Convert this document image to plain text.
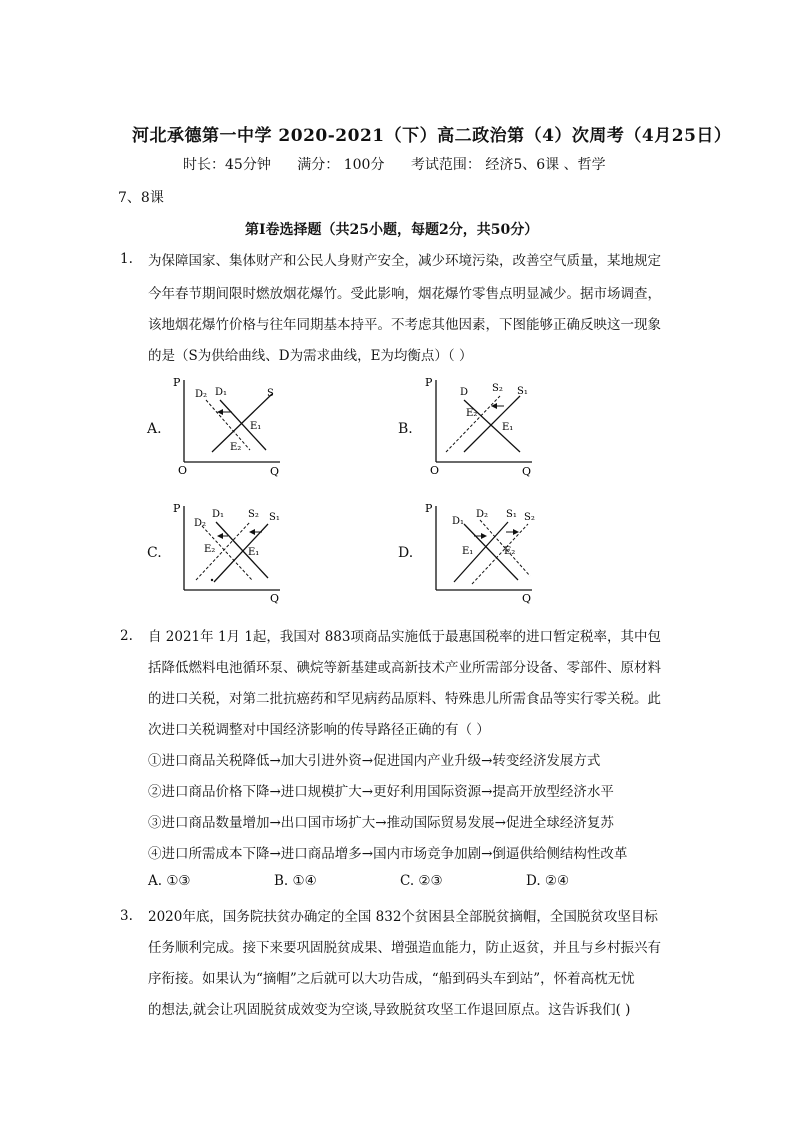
河北承德第一中学 2020-2021（下）高二政治第（4）次周考（4月25日）
时长：45分钟 满分： 100分 考试范围： 经济5、6课 、哲学
7、8课
第Ⅰ卷选择题（共25小题，每题2分，共50分）
1. 为保障国家、集体财产和公民人身财产安全，减少环境污染，改善空气质量，某地规定
今年春节期间限时燃放烟花爆竹。受此影响，烟花爆竹零售点明显减少。据市场调查，
该地烟花爆竹价格与往年同期基本持平。不考虑其他因素，下图能够正确反映这一现象
的是（S为供给曲线、D为需求曲线，E为均衡点）（ ）
A.	B.
C.	D.
P
O	Q
D₂ D₁	S
E₁
E₂
P
O	Q
D S₂ S₁
E₂
E₁
P
Q
D₁
D₂
S₂ S₁
E₂	E₁
P
Q
D₁
D₂ S₁ S₂
E₁	E₂
2. 自 2021年 1月 1起，我国对 883项商品实施低于最惠国税率的进口暂定税率，其中包
括降低燃料电池循环泵、碘烷等新基建或高新技术产业所需部分设备、零部件、原材料
的进口关税，对第二批抗癌药和罕见病药品原料、特殊患儿所需食品等实行零关税。此
次进口关税调整对中国经济影响的传导路径正确的有（ ）
①进口商品关税降低→加大引进外资→促进国内产业升级→转变经济发展方式
②进口商品价格下降→进口规模扩大→更好利用国际资源→提高开放型经济水平
③进口商品数量增加→出口国市场扩大→推动国际贸易发展→促进全球经济复苏
④进口所需成本下降→进口商品增多→国内市场竞争加剧→倒逼供给侧结构性改革
A. ①③	B. ①④	C. ②③	D. ②④
3. 2020年底，国务院扶贫办确定的全国 832个贫困县全部脱贫摘帽，全国脱贫攻坚目标
任务顺利完成。接下来要巩固脱贫成果、增强造血能力，防止返贫，并且与乡村振兴有
序衔接。如果认为“摘帽”之后就可以大功告成，“船到码头车到站”，怀着高枕无忧
的想法,就会让巩固脱贫成效变为空谈,导致脱贫攻坚工作退回原点。这告诉我们( )
